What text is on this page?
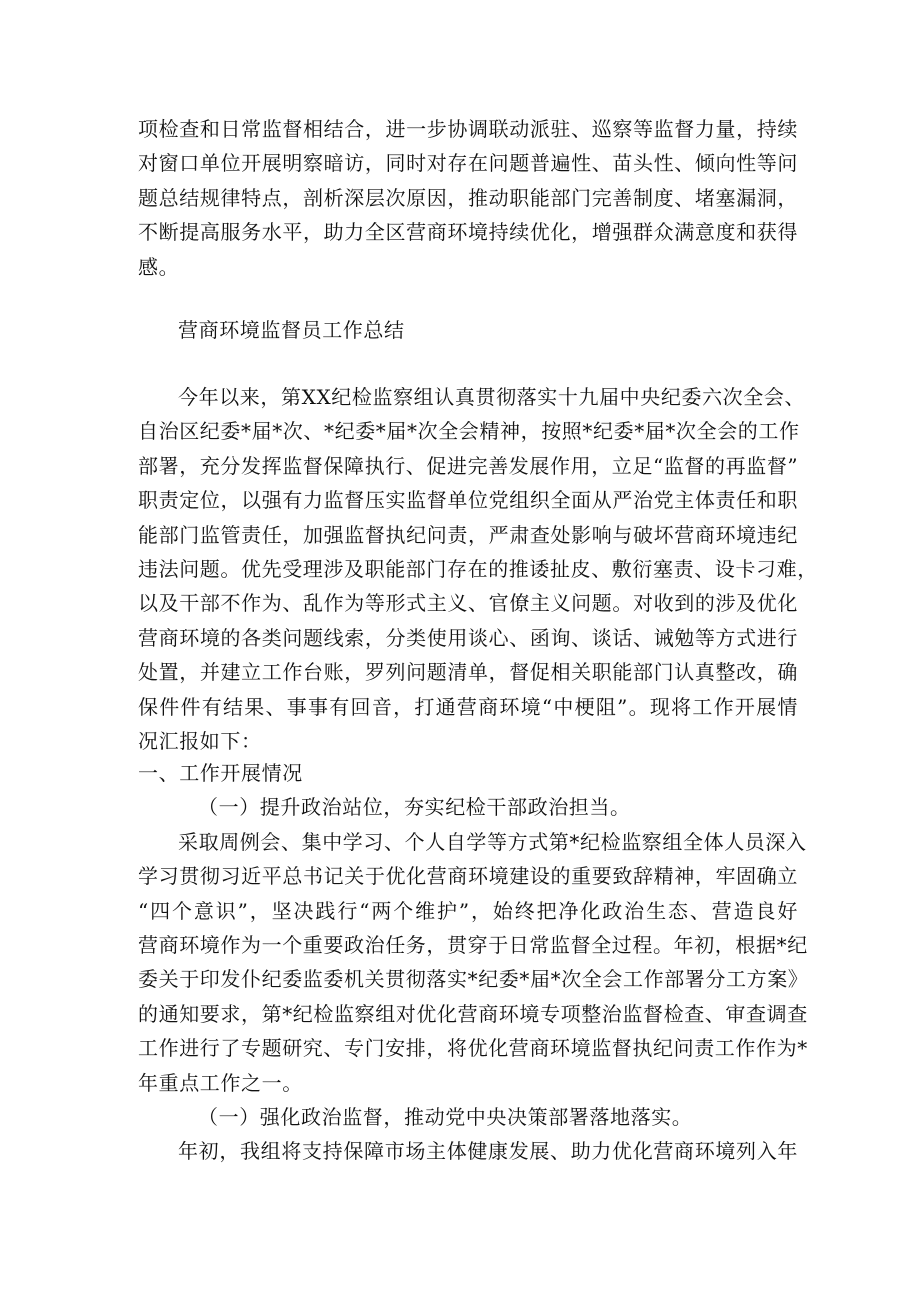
项检查和日常监督相结合，进一步协调联动派驻、巡察等监督力量，持续
对窗口单位开展明察暗访，同时对存在问题普遍性、苗头性、倾向性等问
题总结规律特点，剖析深层次原因，推动职能部门完善制度、堵塞漏洞，
不断提高服务水平，助力全区营商环境持续优化，增强群众满意度和获得
感。
营商环境监督员工作总结
今年以来，第XX纪检监察组认真贯彻落实十九届中央纪委六次全会、
自治区纪委*届*次、*纪委*届*次全会精神，按照*纪委*届*次全会的工作
部署，充分发挥监督保障执行、促进完善发展作用，立足“监督的再监督”
职责定位，以强有力监督压实监督单位党组织全面从严治党主体责任和职
能部门监管责任，加强监督执纪问责，严肃查处影响与破坏营商环境违纪
违法问题。优先受理涉及职能部门存在的推诿扯皮、敷衍塞责、设卡刁难，
以及干部不作为、乱作为等形式主义、官僚主义问题。对收到的涉及优化
营商环境的各类问题线索，分类使用谈心、函询、谈话、诫勉等方式进行
处置，并建立工作台账，罗列问题清单，督促相关职能部门认真整改，确
保件件有结果、事事有回音，打通营商环境“中梗阻”。现将工作开展情
况汇报如下：
一、工作开展情况
（一）提升政治站位，夯实纪检干部政治担当。
采取周例会、集中学习、个人自学等方式第*纪检监察组全体人员深入
学习贯彻习近平总书记关于优化营商环境建设的重要致辞精神，牢固确立
“四个意识”，坚决践行“两个维护”，始终把净化政治生态、营造良好
营商环境作为一个重要政治任务，贯穿于日常监督全过程。年初，根据*纪
委关于印发仆纪委监委机关贯彻落实*纪委*届*次全会工作部署分工方案》
的通知要求，第*纪检监察组对优化营商环境专项整治监督检查、审查调查
工作进行了专题研究、专门安排，将优化营商环境监督执纪问责工作作为*
年重点工作之一。
（一）强化政治监督，推动党中央决策部署落地落实。
年初，我组将支持保障市场主体健康发展、助力优化营商环境列入年
